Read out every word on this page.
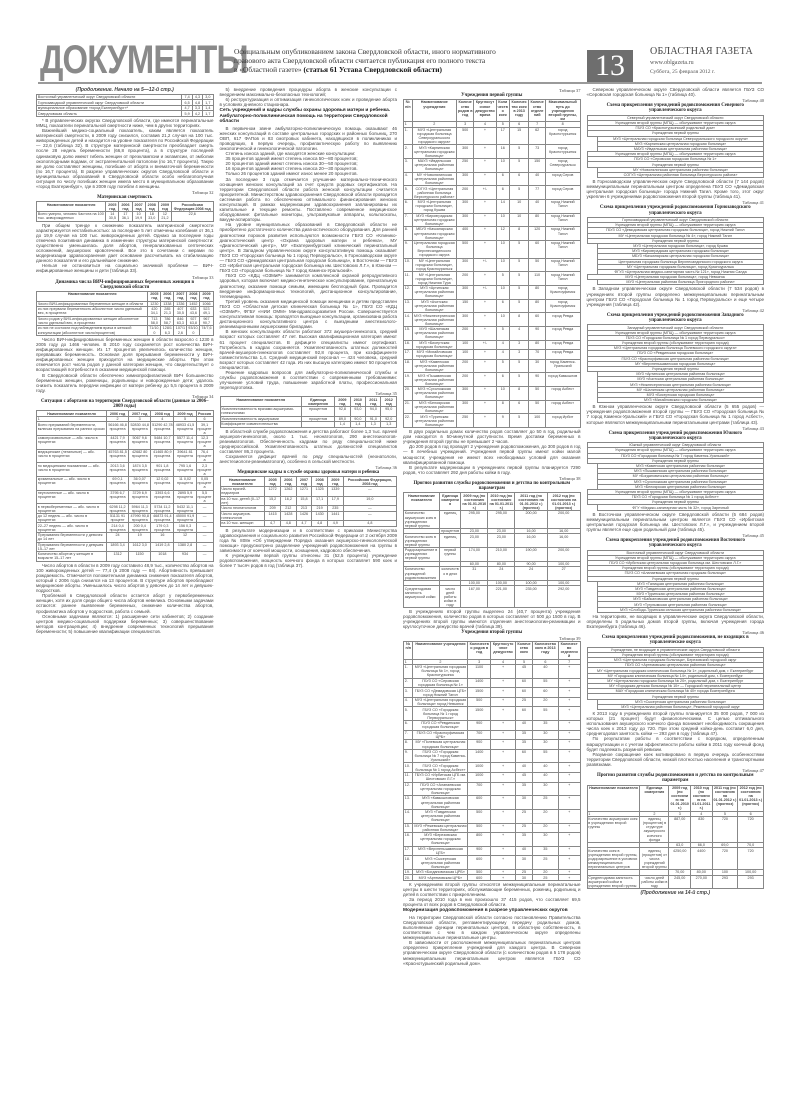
ДОКУМЕНТЫ
Официальным опубликованием закона Свердловской области, иного нормативного
правового акта Свердловской области считается публикация его полного текста
в «Областной газете» (статья 61 Устава Свердловской области)	13	ОБЛАСТНАЯ ГАЗЕТА
www.oblgazeta.ru
Суббота, 25 февраля 2012 г.
(Продолжение. Начало на 5—12-й стр.)
Восточный управленческий округ Свердловской области	7,4	4,3	3,0
Горнозаводской управленческий округ Свердловской области	6,5	4,8	1,7
муниципальное образование «город Екатеринбург»*	4,7	3,3	1,4
Свердловская область	5,9	4,2	1,7

* В управленческих округах Свердловской области, где имеются перинатальные ММЦ, показатели перинатальной смертности ниже, чем в других территориях.

Важнейший медико-социальный показатель, каким является показатель материнской смертности, в 2009 году снизился, составив 21,2 случая на 100 тыс. живорожденных детей и находится на уровне показателя по Российской Федерации — 22,6 (таблица 32). В структуре материнской смертности преобладает смерть после 28 недель беременности (66,8 процента), а в структуре последней одинаковую долю имеют гибель женщин от преэклампсии и эклампсии, от эмболии околоплодными водами, от экстрагенитальной патологии (по 16,7 процента). Такую же долю составляют женщины, погибшие от аборта и внематочной беременности (по 16,7 процента). В разрезе управленческих округов Свердловской области и муниципальных образований в Свердловской области особо неблагополучная ситуация по числу погибших женщин имела место в муниципальном образовании «город Екатеринбург», где в 2009 году погибли 4 женщины.

Таблица 32
Материнская смертность
Наименование показателя	2005 год	2006 год	2007 год	2008 год	2009 год	Российская Федерация 2008 год
Всего умерло, человек Частота на 100 тыс. живорожденных	14 30,5	17 36,1	10 19,9	18 33,0	12 21,2	22,6

При общем тренде к снижению показатель материнской смертности характеризуется нестабильностью: за последние 5 лет отмечены колебания от 36,1 до 19,9 случая на 100 тыс. живорожденных детей. Однако за последние годы отмечена позитивная динамика в изменении структуры материнской смертности: существенно уменьшилась доля абортов, генерализованных септических осложнений, акушерских кровотечений. Все это в сочетании с мерами по модернизации здравоохранения дает основание рассчитывать на стабилизацию данного показателя и его дальнейшее снижение.

Нельзя не остановиться на социально значимой проблеме — ВИЧ-инфицированные женщины и дети (таблица 33).

Таблица 33
Динамика числа ВИЧ-инфицированных беременных женщин в Свердловской области
Наименование показателя	2005 год	2006 год	2007 год	2008 год	2009 год
Число ВИЧ-инфицированных беременных женщин в области	1230	1338	1336	1452	1066
из них прервали беременность абсолютное число удельный вес, в процентах	420 34,1	285 21,3	407 30,5	633 43,6	523 49,1
Число родов у ВИЧ-инфицированных женщин абсолютное число удельный вес, в процентах	713 58,0	786 58,7	846 63,3	927 63,8	967 90,7
из них не состояли под наблюдением врача в женской консультации (абсолютное число/процентов)	71/10,0	128/16,3	107/12,6	93/10,0	74/7,6

Число ВИЧ-инфицированных беременных женщин в области возросло с 1230 в 2005 году до 1466 человек. В 2010 году сохраняется рост количества ВИЧ-инфицированных женщин. Из 17 процентов увеличилось количество женщин, прервавших беременность. Основная доля прерывания беременности у ВИЧ-инфицированных женщин приходится на медицинские аборты. При этом отмечается рост числа родов у данной категории женщин, что свидетельствует о возрастающей потребности в оказании медицинской помощи.

В Свердловской области обеспечено химиопрофилактикой ВИЧ большинство беременных женщин, роженицы, родильницы и новорожденные дети; удалось снизить показатель передачи инфекции от матери ребенку до 5,5 процента в 2009 году.

Таблица 34
Ситуация с абортами на территории Свердловской области (данные за 2006–2009 годы)
Наименование показателя	2006 год	2007 год	2008 год	2009 год	Россия
1	2	3	4	5	6
Всего прерываний беременности, включая прерывания на ранних сроках	56166 46,8 процента	52830 44,8 процента	51290 42,78 процента	48933 41,5 процента	39,1 процента
самопроизвольные — абс. число в процентах	4421 7,9 процента	5067 9,6 процента	5484 10,7 процента	5577 11,4 процента	12,3 процента
медицинские (легальные) — абс. число в процентах	45763 81,5 процента	42682 80 процента	41465 80,9 процента	39641 81 процента	76,4 процента
по медицинским показаниям — абс. число в процентах	2013 3,6 процента	1874 3,5 процента	901 1,8 процента	795 1,6 процента	2,3 процента
криминальные — абс. число в процентах	69 0,1 процента	36 0,07 процента	12 0,02 процента	11 0,02 процента	0,05 процента
неуточненные — абс. число в процентах	3795 6,7 процента	3729 6,9 процента	3393 6,6 процента	2895 5,9 процента	5,5 процента
в первобеременных — абс. число в процентах	6298 11,2 процента	5964 11,3 процента	5734 11,2 процента	5432 11,1 процента	—
до 12 недель — абс. число в процентах	51131 91 процент	47990 90,8 процента	46873 91,4 процента	45000 91,9 процента	—
22–27 недель — абс. число в процентах	214 0,4 процента	200 0,4 процента	179 0,3 процента	156 0,3 процента	—
Прерывания беременности у девочек до 14 лет	24	19	16	12	—
Прерывания беременности у девушек 15–17 лет	1893 3,4	1612 3,0	1419 2,8	1380 2,8	—
Количество абортов у женщин в возрасте 15–17 лет	1312	1150	1018	934	—

Число абортов в области в 2009 году составило 48,9 тыс., количество абортов на 100 живорожденных детей — 77,4 (в 2008 году — 84). Абортивность превышает рождаемость. Отмечается положительная динамика снижения показателя абортов, который с 2006 года снизился на 13 процентов. В структуре абортов преобладают медицинские аборты. Уменьшилось число абортов у девочек до 14 лет и девушек-подростков.

Проблемой в Свердловской области остается аборт у первобеременных женщин, хотя их доля среди общего числа абортов невелика. Основными задачами остаются: раннее выявление беременных, снижение количества абортов, профилактика абортов у подростков, работа с семьей.

Основными задачами являются: 1) расширение сети кабинетов; 2) создание центров медико-социальной поддержки беременных; 3) совершенствование методов контрацепции; 4) внедрение современных технологий прерывания беременности; 5) повышение квалификации специалистов.

5) внедрение проведения процедуры аборта в женские консультации с внедрением максимально-безопасных технологий;

6) реструктуризация и оптимизация гинекологических коек и проведение аборта в условиях дневного стационара.

Сеть учреждений и кадры службы охраны здоровья матери и ребенка. Амбулаторно-поликлиническая помощь на территории Свердловской области

В первичном звене амбулаторно-поликлиническую помощь оказывают 46 женских консультаций в составе центральных городских и районных больниц, 270 ОВП, 617 ФАПов и 83 смотровых кабинета, находящихся в поликлиниках и проводящих, в первую очередь, профилактическую работу по выявлению онкологической и гинекологической патологии.

Степень износа зданий, где находятся женские консультации:

35 процентов зданий имеют степень износа 50—80 процентов;

20 процентов зданий имеют степень износа 30—50 процентов;

16 процентов зданий имеют степень износа 20—30 процентов.

Только 26 процентов зданий имеют износ менее 20 процентов.

За последние 3 года отмечается улучшение материально-технического оснащения женских консультаций за счет средств родовых сертификатов. На территории Свердловской области работа женской консультации считается приоритетной. Министерством здравоохранения Свердловской области проводится системная работа по обеспечению оптимального финансирования женских консультаций. В рамках модернизации здравоохранения запланированы их капитальные и текущие ремонты. Поставлено современное медицинское оборудование: фетальные мониторы, ультразвуковые аппараты, кольпоскопы, вакуум-аспираторы.

На уровне муниципальных образований в Свердловской области не приобретено достаточного количества диагностического оборудования. Для ранней диагностики пороков развития используются возможности ГБУЗ СО «Клинико-диагностический центр «Охрана здоровья матери и ребенка», МУ «Диагностический центр», МУ «Екатеринбургский клинический перинатальный центр». В Западном управленческом округе консультативную помощь оказывает ГБУЗ СО «Городская больница № 1 город Первоуральск», в Горнозаводском округе — ГБУЗ СО «Демидовская центральная городская больница», в Восточном — ГБУЗ СО «Ирбитская центральная городская больница им. Шестовских Л.Г.», в Южном — ГБУЗ СО «Городская больница № 7 город Каменск-Уральский».

ГБУЗ СО «КДЦ «ОЗМиР» занимается комплексной охраной репродуктивного здоровья, которая включает медико-генетическое консультирование, пренатальную диагностику, оказание помощи семьям, имеющим бесплодный брак. Проводится внедрение информационных технологий, дистанционное консультирование, телемедицина.

Третий уровень оказания медицинской помощи женщинам и детям представлен ГБУЗ СО «Областная детская клиническая больница № 1», ГБУЗ СО «КДЦ «ОЗМиР», ФГБУ «НИИ ОММ» Минздравсоцразвития России. Совершенствуется консультативная помощь: проводятся выездные консультации, организована работа дистанционного консультативного центра с выездными анестезиолого-реанимационными акушерскими бригадами.

В женских консультациях области работают 372 акушера-гинеколога, средний возраст которых составляет 47 лет. Высокая квалификационная категория имеют 61 процент специалистов. В дефиците специалисты имеют сертификат. Потребность в кадрах сохраняется. Укомплектованность штатных должностей врачей-акушеров-гинекологов составляет 92,8 процента, при коэффициенте совместительства 1,4. Средний медицинский персонал — 424 человека, средний возраст которых составляет 42 года. Из них высшую категорию имеют 50 процентов специалистов.

Решение кадровых вопросов для амбулаторно-поликлинической службы и службы родовспоможения в соответствии с современными требованиями: улучшение условий труда, повышение заработной платы, профессиональная переподготовка.

Таблица 35
Наименование показателя	Единица измерения	2009 год	2010 год	2011 год	2012 год
Укомплектованность врачами акушерами-гинекологами	процентов	92,8	93,0	94,0	95,0
Укомплектованность акушерками	процентов	89,0	90,0	91,0	92,0
Коэффициент совместительства		1,4	1,4	1,3	1,3

В областной службе родовспоможения и детства работают более 1,3 тыс. врачей акушеров-гинекологов, около 1 тыс. неонатологов, 290 анестезиологов-реаниматологов. Обеспеченность кадрами по ряду специальностей ниже среднероссийской. Укомплектованность штатных должностей специалистов составляет 86,3 процента.

Сохраняется дефицит врачей по ряду специальностей (неонатологи, анестезиологи-реаниматологи), особенно в сельской местности.

Таблица 36
Медицинские кадры в службе охраны здоровья матери и ребенка
Наименование показателя	2005 год	2006 год	2007 год	2008 год	2009 год	Российская Федерация, 2008 год
Число врачей-педиатров	1272	1262	1271	1325	1339	—
на 10 тыс. детей (0–17 лет)	15,2	16,2	15,8	17,1	17,9	19,0
Число неонатологов	209	212	213	219	235	—
Число акушеров-гинекологов	1415	1428	1426	1430	1441	—
на 10 тыс. женщин	4,7	4,8	4,7	4,8	4,9	4,8

В результате модернизации и в соответствии с приказом Министерства здравоохранения и социального развития Российской Федерации от 2 октября 2009 года № 808н «Об утверждении Порядка оказания акушерско-гинекологической помощи» предусмотрено разделение учреждений родовспоможения на группы в зависимости от коечной мощности, оснащения, кадрового обеспечения.

К учреждениям первой группы отнесены 31 (52,5 процента) учреждение родовспоможения, мощность коечного фонда в которых составляет 590 коек и более 7 тысяч родов в год (таблица 37).

Таблица 37
Учреждения первой группы
№ п/п	Наименование учреждения	Количество родов в год	Круглосуточное дежурство врача	Количество коек	Количество коек в 2013 году	Количество отделений	Максимальный путь до учреждения второй группы, км
1	2	3	4	5	6	7	8
1.	МУЗ «Центральная городская больница Североуральского городского округа»	500	+	17	15	62	город Краснотурьинск
2.	МУЗ «Карпинская центральная городская больница»	300	+	16	5	73	город Краснотурьинск
3.	МАУЗ «Ивдельская центральная районная больница»	250	+	10	5	150	город Североуральск
4.	МУ «Новолялинская центральная районная больница»	300	+	6	6	40	город Серов
5.	СОГУЗ «Центральная районная больница Верхотурского района»	200	+/-	6	5	77	город Серов
6.	МУЗ «Центральная городская больница», город Кушва	300	+	14	10	40	город Нижний Тагил
7.	МУЗ «Кировградская центральная городская больница»	300	+	10	10	80	город Нижний Тагил
8.	МБУЗ «Качканарская центральная городская больница»	400	+	12	8	120	город Нижний Тагил
9.	Центральная городская больница Верхнесалдинского городского округа	500	+	10	5	60	город Нижний Тагил
10.	МУ «Центральная городская больница», город Красноуральск	300	+/-	10	5	50	город Нижний Тагил
11.	МУ «Центральная городская больница», город Нижняя Тура	200	+	5	5	110	город Нижний Тагил
12.	МУЗ «Артинская центральная районная больница»	300	+/-	10	5	80	город Красноуфимск
13.	МУЗ «Ачитская центральная районная больница»	150	+	6	5	80	город Красноуфимск
14.	МУЗ «Нижнесергинская центральная районная больница»	300	+	10	8	60	город Ревда
15.	МУЗ «Шалинская центральная районная больница»	200	+	5	4	90	город Ревда
16.	МУЗ «Бисертская городская больница»	100	+/-	4	3	80	город Ревда
17.	МУЗ «Михайловская городская больница»	100	+	4	3	70	город Ревда
18.	МУЗ «Каменская центральная районная больница»	200	+	5	5	30	город Каменск-Уральский
19.	МУЗ «Пышминская центральная районная больница»	200	+	6	5	90	город Камышлов
20.	МУЗ «Сухоложская центральная районная больница»	300	+	10	8	50	город Асбест
21.	МУЗ «Белоярская центральная районная больница»	300	+	8	6	50	город Асбест
22.	МУЗ «Туринская центральная районная больница»	250	+	9	5	100	город Ирбит

В двух родильных домах количество родов составляет до 50 в год, родильный дом находится в 50-минутной доступности. Время доставки беременных в учреждения второй группы не превышает 2 часов.

До 200 родов в год проводят 2 учреждения родовспоможения, до 300 родов в год — 8 лечебных учреждений. Учреждения первой группы имеют койки малой мощности; учреждения не имеют всех необходимых условий для оказания квалифицированной помощи.

В результате модернизации в учреждениях первой группы планируется 7290 родов, что составляет 292 дня работы койки в году.

Таблица 38
Прогноз развития службы родовспоможения и детства по контрольным параметрам
Наименование показателя	Единица измерения	2009 год (по состоянию на 01.01.2010 г.)	2010 год (по состоянию на 01.01.2011 г.)	2011 год (по состоянию на 01.01.2012 г.) (прогноз)	2012 год (по состоянию на 01.01.2013 г.) (прогноз)
Количество акушерских коек в учреждениях первой группы	единиц	295,00	295,00	200,00	200,00
	процентов	23,00	23,00	16,00	16,00
Количество коек в учреждениях первой группы	единиц	23,00	23,00	16,00	16,00
Родоразрешение в учреждениях первой группы	первой группы	174,00	210,00	190,00	200,00
		60,00	80,00	90,00	100,00
Количество учреждений родовспоможения	количество в днях	31	24	24	27
		100,00	100,00	100,00	100,00
Среднегодовая занятость акушерской койки	число дней работы койки в году	167,00	221,00	235,00	292,00

В учреждениях второй группы выделено 24 (40,7 процента) учреждения родовспоможения, количество родов в которых составляет от 500 до 1500 в год. В учреждениях второй группы имеются отделения анестезиологии-реанимации и круглосуточное дежурство врачей (таблица 39).

Учреждения второй группы
Таблица 39
№ п/п	Наименование учреждения	Количество родов в год	Круглосуточное дежурство	Количество коек	Количество коек в 2013 году	Количество отделений
1	2	3	4	5	6	7
1.	МУЗ «Центральная городская больница № 1», город Краснотурьинск	1100	+	45	40	+
2.	ГБУЗ СО «Серовская городская больница № 1»	1400	+	60	55	+
3.	ГБУЗ СО «Демидовская ЦГБ» город Нижний Тагил	1500	+	60	60	+
4.	МУЗ «Центральная городская больница» город Невьянск	500	+	25	20	+
5.	ГБУЗ СО «Городская больница № 1 город Первоуральск»	1500	+	60	55	+
6.	ГБУЗ СО «Ревдинская городская больница»	900	+	40	35	+
7.	ГБУЗ СО «Красноуфимская ЦРБ»	700	+	35	30	+
8.	МУ «Полевская центральная городская больница»	900	+	35	30	+
9.	ГБУЗ СО «Городская больница № 7 город Каменск-Уральский»	1400	+	60	55	+
10.	ГБУЗ СО «Городская больница № 1 город Асбест»	1000	+	40	40	+
11.	ГБУЗ СО «Ирбитская ЦГБ им. Шестовских Л.Г.»	1000	+	45	40	+
12.	ГБУЗ СО «Алапаевская центральная городская больница»	700	+	35	30	+
13.	МУЗ «Камышловская центральная районная больница»	600	+	30	25	+
14.	МУЗ «Тавдинская центральная районная больница»	500	+	25	20	+
15.	МУЗ «Режевская центральная районная больница»	500	+	25	20	+
16.	МУЗ «Березовская центральная городская больница»	800	+	35	30	+
17.	МУЗ «Верхнепышминская ЦГБ»	900	+	40	35	+
18.	МУЗ «Сысертская центральная районная больница»	600	+	30	25	+
19.	МУЗ «Богдановичская ЦРБ»	500	+	25	20	+
20.	МУЗ «Артемовская ЦРБ»	600	+	30	25	+

К учреждениям второй группы относятся межмуниципальные перинатальные центры в шести территориях, обслуживающие беременных, рожениц, родильниц и детей в соответствии с прикреплением.

За период 2010 года в них произошло 37 415 родов, что составляет 69,5 процента от всех родов в Свердловской области.

Модернизация родовспоможения в разрезе управленческих округов

На территории Свердловской области согласно постановлению Правительства Свердловской области, регламентирующему передачу родильных домов, выполняемые функции перинатальных центров, в областную собственность, в соответствии с чем в каждом управленческом округе определены межмуниципальные перинатальные центры.

В зависимости от расположения межмуниципальных перинатальных центров определено прикрепление учреждений для каждого центра. В Северном управленческом округе Свердловской области (с количеством родов в 5 178 родов) межмуниципальным перинатальным центром является ГБУЗ СО «Краснотурьинский родильный дом».

Северном управленческом округе Свердловской области является ГБУЗ СО «Серовская городская больница № 1» (таблица 40).

Таблица 40
Схема прикрепления учреждений родовспоможения Северного управленческого округа
Северный управленческий округ Свердловской области	
Учреждения второй группы (МПЦ) — обслуживают территорию округа	
ГБУЗ СО «Краснотурьинский родильный дом»	
Учреждения первой группы	
	МУЗ «Центральная городская больница Североуральского городского округа»
	МУЗ «Карпинская центральная городская больница»
	МАУЗ «Ивдельская центральная районная больница»
Учреждения второй группы (МПЦ) — обслуживают территорию округа	
ГБУЗ СО «Серовская городская больница № 1»	
Учреждения первой группы	
	МУ «Новолялинская центральная районная больница»
	СОГУЗ «Центральная районная больница Верхотурского района»

В Горнозаводском управленческом округе Свердловской области (7 144 родов) межмуниципальным перинатальным центром определена ГБУЗ СО «Демидовская центральная городская больница» города Нижний Тагил. Кроме того, этот округ укреплен 6 учреждениями родовспоможения второй группы (таблица 41).

Таблица 41
Схема прикрепления учреждений родовспоможения Горнозаводского управленческого округа
Горнозаводской управленческий округ Свердловской области	
Учреждения второй группы (МПЦ) — обслуживают территорию округа	
ГБУЗ СО «Демидовская центральная городская больница», город Нижний Тагил	
МУ «Центральная городская больница № 4», город Нижний Тагил	
Учреждения первой группы	
	МУЗ «Центральная городская больница», город Кушва
	МУЗ «Кировградская центральная городская больница»
	МБУЗ «Качканарская центральная городская больница»
	Центральная городская больница Верхнесалдинского городского округа
	МУ «Центральная городская больница», город Красноуральск
	ФГУЗ «Центральная медико-санитарная часть № 121», город Нижняя Салда
МУЗ «Центральная городская больница», город Невьянск	
	МУЗ «Центральная районная больница Пригородного района»

В Западном управленческом округе Свердловской области (7 534 родов) в учреждениях второй группы определено межмуниципальным перинатальным центром ГБУЗ СО «Городская больница № 1 город Первоуральск» и еще четыре учреждения (таблица 42).

Таблица 42
Схема прикрепления учреждений родовспоможения Западного управленческого округа
Западный управленческий округ Свердловской области	
Учреждения второй группы (МПЦ) — обслуживают территорию округа	
ГБУЗ СО «Городская больница № 1 город Первоуральск»	
Учреждения второй группы (обслуживают территорию города)	
МУЗ «Центральная городская больница Полевского городского округа»	
ГБУЗ СО «Ревдинская городская больница»	
ГБУЗ СО «Красноуфимская центральная районная больница»	
МУ «Верхнепышминская городская больница»	
Учреждения первой группы	
	МУЗ «Артинская центральная районная больница»
	МУЗ «Ачитская центральная районная больница»
	МУЗ «Нижнесергинская центральная районная больница»
	МУ «Шалинская центральная районная больница»
	МУЗ «Бисертская городская больница»
	МУЗ «Михайловская городская больница»

В Южном управленческом округе Свердловской области (5 655 родов) — учреждения родовспоможения второй группы — ГБУЗ СО «Городская больница № 7 город Каменск-Уральский» и ГБУЗ СО «Городская больница № 1 город Асбест», которые являются межмуниципальными перинатальными центрами (таблица 43).

Таблица 43
Схема прикрепления учреждений родовспоможения Южного управленческого округа
Южный управленческий округ Свердловской области	
Учреждения второй группы (МПЦ) — обслуживают территорию округа	
ГБУЗ СО «Городская больница № 7 город Каменск-Уральский»	
Учреждения первой группы	
	МУЗ «Каменская центральная районная больница»
	МУЗ «Пышминская центральная районная больница»
	МУ «Богдановичская центральная районная больница»
	МУЗ «Сухоложская центральная районная больница»
	МУЗ «Белоярская центральная районная больница»
Учреждения второй группы (МПЦ) — обслуживают территорию округа	
ГБУЗ СО «Городская больница № 1 город Асбест»	
Учреждения первой группы	
	ФГУ «Медико-санитарная часть № 32», город Заречный

В Восточном управленческом округе Свердловской области (5 684 родов) межмуниципальным перинатальным центром является ГБУЗ СО «Ирбитская центральная городская больница им. Шестовских Л.Г.», и учреждением второй группы является еще один родильный дом (таблица 45).

Таблица 45
Схема прикрепления учреждений родовспоможения Восточного управленческого округа
Восточный управленческий округ Свердловской области	
Учреждения второй группы (МПЦ) — обслуживают территорию округа	
ГБУЗ СО «Ирбитская центральная городская больница им. Шестовских Л.Г.»	
Учреждения второй группы (обслуживают территорию города)	
ГБУЗ СО «Алапаевская центральная городская больница»	
Учреждения первой группы	
	МУЗ «Талицкая центральная районная больница»
	МУЗ «Тавдинская центральная районная больница»
	МУЗ «Туринская центральная районная больница»
	МУЗ «Байкаловская центральная районная больница»
	МУЗ «Тугулымская центральная районная больница»
	МУЗ «Слободо-Туринская сельская центральная районная больница»

На территориях, не входящих в управленческие округа Свердловской области, определены 5 родильных домов второй группы, включая учреждения города Екатеринбурга (таблица 46).

Таблица 46
Схема прикрепления учреждений родовспоможения, не входящих в управленческие округа
Учреждения, не входящие в управленческие округа Свердловской области	
Учреждения второй группы (обслуживают территорию города)	
МУЗ «Центральная городская больница», Березовский городской округ	
ГБУЗ СО «Артемовская центральная районная больница»	
МУ «Центральная городская клиническая больница № 1», родильный дом, г. Екатеринбург	
МУ «Городская клиническая больница № 14», родильный дом, г. Екатеринбург	
МУ «Центральная городская больница № 20», родильный дом, г. Екатеринбург	
МУ «Городская детская больница № 10» — Городской перинатальный центр	
МАУ «Городская клиническая больница № 40» города Екатеринбурга	
Учреждения первой группы	
	МУЗ «Сысертская центральная районная больница»
	МУЗ «Центральная районная больница», Режевской городской округ

К 2013 году в учреждениях второй группы планируется 35 000 родов, 7 000 из которых (21 процент) будут физиологическими. С целью оптимального использования акушерского коечного фонда возникает необходимость сокращения числа коек к 2013 году до 720. При этом средний койко-день составит 6,0 дня, среднегодовая занятость койки — 293 дня в году (таблица 47).

По результатам работы в соответствии с порядком, определенным маршрутизации и с учетом эффективности работы койки в 2011 году коечный фонд будет подлежать разумной ревизии.

Разумное сокращение коек мотивировано в первую очередь особенностями территории Свердловской области, низкой плотностью населения и транспортными развязками.

Таблица 47
Прогноз развития службы родовспоможения и детства по контрольным параметрам
Наименование показателя	Единица измерения	2009 год (по состоянию на 01.01.2010 г.)	2010 год (по состоянию на 01.01.2011 г.)	2011 год (по состоянию на 01.01.2012 г.) (прогноз)	2012 год (по состоянию на 01.01.2013 г.) (прогноз)
1	2	3	4	5	6
Количество акушерских коек в учреждениях второй группы	единиц (процентов) в структуре акушерского коечного фонда	887,00	830	720	720
		63,0	66,0	69,0	70,0
Количество коек в учреждениях второй группы, родоразрешение в условиях межмуниципальных перинатальных центров	единиц (процентов) от числа учреждений второй группы	4250,00	4400	720	720
		70,00	80,00	100	100,00
Среднегодовая занятость акушерской койки в учреждениях второй группы	число дней работы койки в году	245,00	270,00	293	293
(Продолжение на 14-й стр.)
